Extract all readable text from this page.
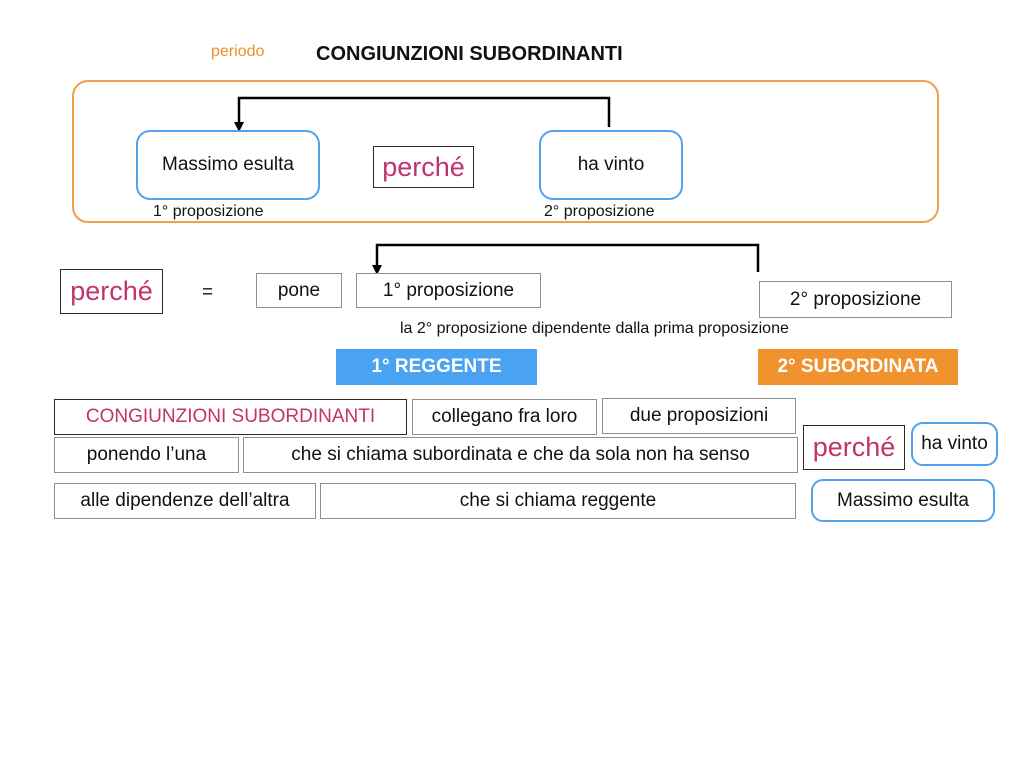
periodo	CONGIUNZIONI SUBORDINANTI
Massimo esulta	perché	ha vinto
1° proposizione	2° proposizione
perché	=	pone	1° proposizione	2° proposizione
la 2° proposizione dipendente dalla prima proposizione
1° REGGENTE	2° SUBORDINATA
CONGIUNZIONI SUBORDINANTI	collegano fra loro	due proposizioni
ponendo l’una	che si chiama subordinata e che da sola non ha senso
alle dipendenze dell’altra	che si chiama reggente
perché	ha vinto
Massimo esulta
